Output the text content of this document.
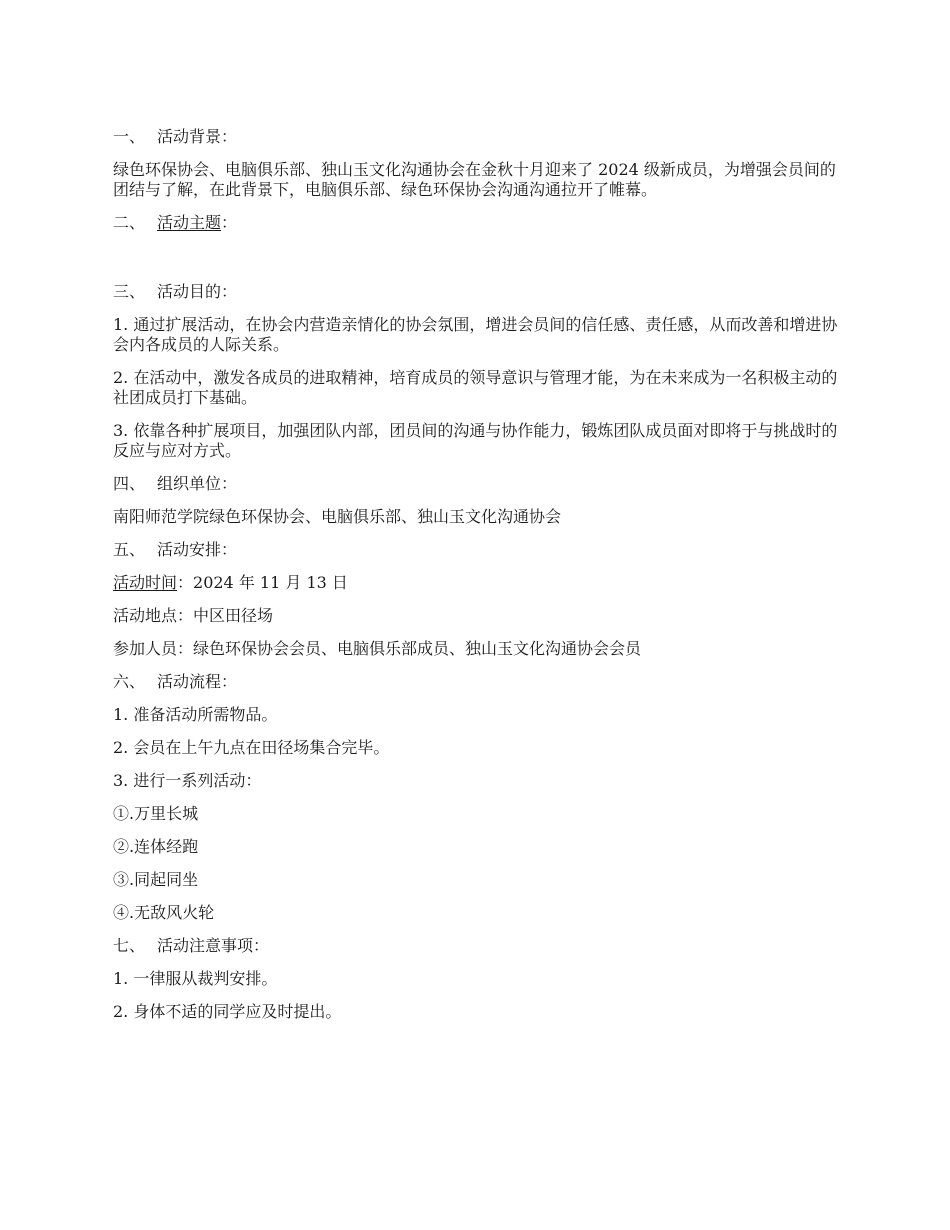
一、 活动背景：
绿色环保协会、电脑俱乐部、独山玉文化沟通协会在金秋十月迎来了 2024 级新成员，为增强会员间的团结与了解，在此背景下，电脑俱乐部、绿色环保协会沟通沟通拉开了帷幕。
二、 活动主题：
三、 活动目的：
1. 通过扩展活动，在协会内营造亲情化的协会氛围，增进会员间的信任感、责任感，从而改善和增进协会内各成员的人际关系。
2. 在活动中，激发各成员的进取精神，培育成员的领导意识与管理才能，为在未来成为一名积极主动的社团成员打下基础。
3. 依靠各种扩展项目，加强团队内部，团员间的沟通与协作能力，锻炼团队成员面对即将于与挑战时的反应与应对方式。
四、 组织单位：
南阳师范学院绿色环保协会、电脑俱乐部、独山玉文化沟通协会
五、 活动安排：
活动时间：2024 年 11 月 13 日
活动地点：中区田径场
参加人员：绿色环保协会会员、电脑俱乐部成员、独山玉文化沟通协会会员
六、 活动流程：
1. 准备活动所需物品。
2. 会员在上午九点在田径场集合完毕。
3. 进行一系列活动：
①.万里长城
②.连体经跑
③.同起同坐
④.无敌风火轮
七、 活动注意事项：
1. 一律服从裁判安排。
2. 身体不适的同学应及时提出。
